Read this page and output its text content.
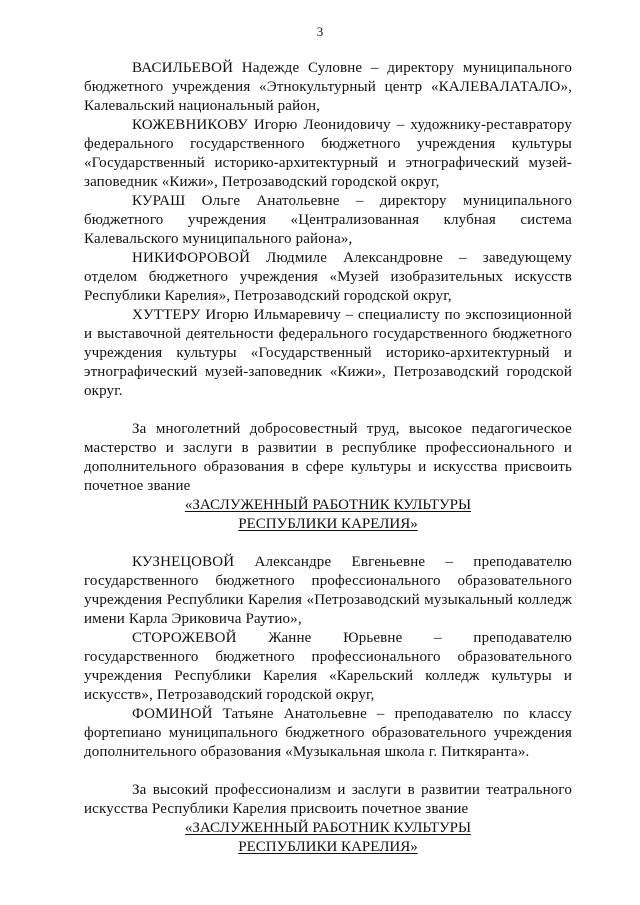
3

ВАСИЛЬЕВОЙ Надежде Суловне – директору муниципального бюджетного учреждения «Этнокультурный центр «КАЛЕВАЛАТАЛО», Калевальский национальный район,

КОЖЕВНИКОВУ Игорю Леонидовичу – художнику-реставратору федерального государственного бюджетного учреждения культуры «Государственный историко-архитектурный и этнографический музей-заповедник «Кижи», Петрозаводский городской округ,

КУРАШ Ольге Анатольевне – директору муниципального бюджетного учреждения «Централизованная клубная система Калевальского муниципального района»,

НИКИФОРОВОЙ Людмиле Александровне – заведующему отделом бюджетного учреждения «Музей изобразительных искусств Республики Карелия», Петрозаводский городской округ,

ХУТТЕРУ Игорю Ильмаревичу – специалисту по экспозиционной и выставочной деятельности федерального государственного бюджетного учреждения культуры «Государственный историко-архитектурный и этнографический музей-заповедник «Кижи», Петрозаводский городской округ.

За многолетний добросовестный труд, высокое педагогическое мастерство и заслуги в развитии в республике профессионального и дополнительного образования в сфере культуры и искусства присвоить почетное звание

«ЗАСЛУЖЕННЫЙ РАБОТНИК КУЛЬТУРЫ

РЕСПУБЛИКИ КАРЕЛИЯ»

КУЗНЕЦОВОЙ Александре Евгеньевне – преподавателю государственного бюджетного профессионального образовательного учреждения Республики Карелия «Петрозаводский музыкальный колледж имени Карла Эриковича Раутио»,

СТОРОЖЕВОЙ Жанне Юрьевне – преподавателю государственного бюджетного профессионального образовательного учреждения Республики Карелия «Карельский колледж культуры и искусств», Петрозаводский городской округ,

ФОМИНОЙ Татьяне Анатольевне – преподавателю по классу фортепиано муниципального бюджетного образовательного учреждения дополнительного образования «Музыкальная школа г. Питкяранта».

За высокий профессионализм и заслуги в развитии театрального искусства Республики Карелия присвоить почетное звание

«ЗАСЛУЖЕННЫЙ РАБОТНИК КУЛЬТУРЫ

РЕСПУБЛИКИ КАРЕЛИЯ»
